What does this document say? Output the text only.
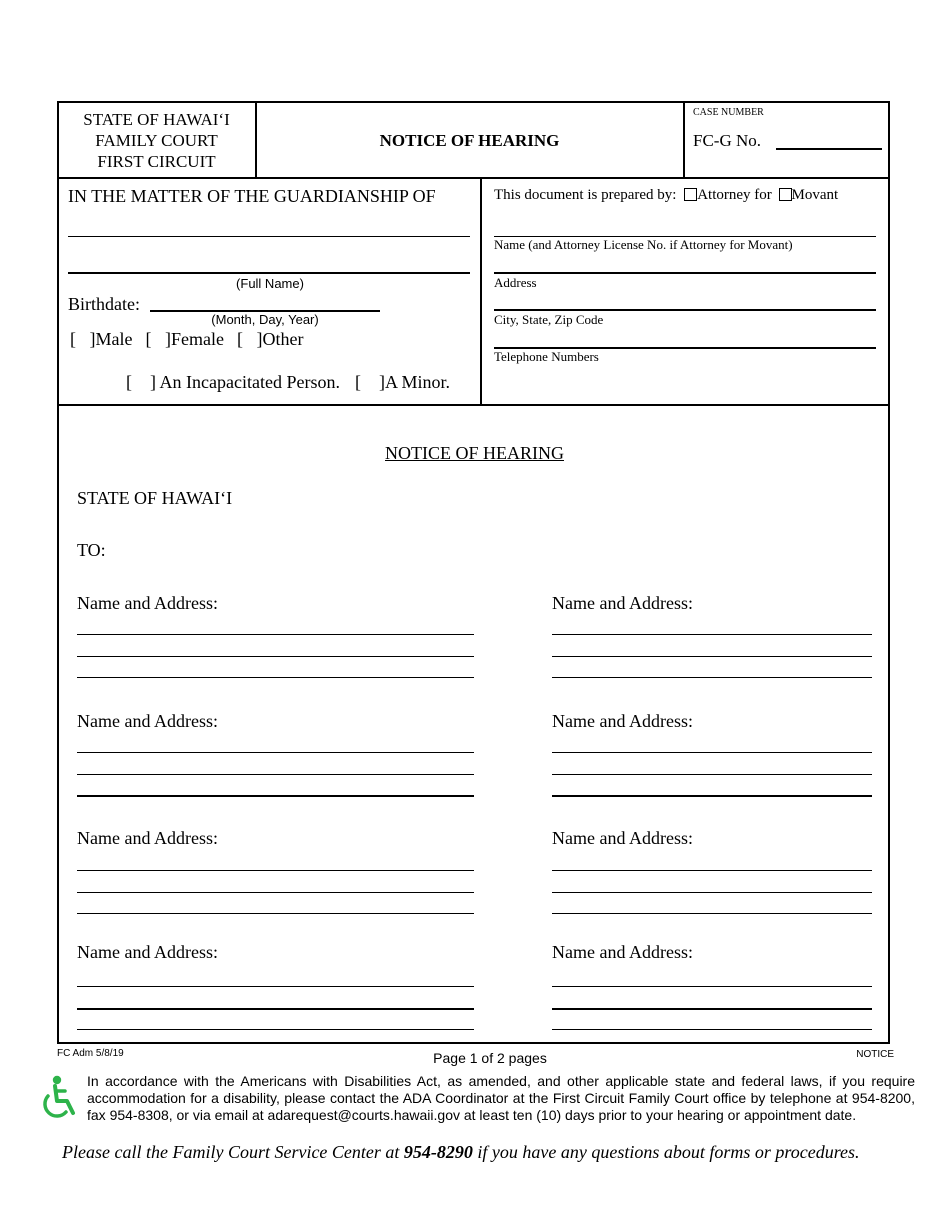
STATE OF HAWAI‘I
FAMILY COURT
FIRST CIRCUIT
NOTICE OF HEARING
CASE NUMBER
FC-G No.
IN THE MATTER OF THE GUARDIANSHIP OF
(Full Name)
Birthdate:
(Month, Day, Year)
[   ]Male [   ]Female [   ]Other
[    ] An Incapacitated Person. [    ]A Minor.
This document is prepared by: Attorney for Movant
Name (and Attorney License No. if Attorney for Movant)
Address
City, State, Zip Code
Telephone Numbers
NOTICE OF HEARING
STATE OF HAWAI‘I
TO:
Name and Address:	Name and Address:
Name and Address:	Name and Address:
Name and Address:	Name and Address:
Name and Address:	Name and Address:
FC Adm 5/8/19	Page 1 of 2 pages	NOTICE
In accordance with the Americans with Disabilities Act, as amended, and other applicable state and federal laws, if you require accommodation for a disability, please contact the ADA Coordinator at the First Circuit Family Court office by telephone at 954-8200, fax 954-8308, or via email at adarequest@courts.hawaii.gov at least ten (10) days prior to your hearing or appointment date.
Please call the Family Court Service Center at 954-8290 if you have any questions about forms or procedures.
